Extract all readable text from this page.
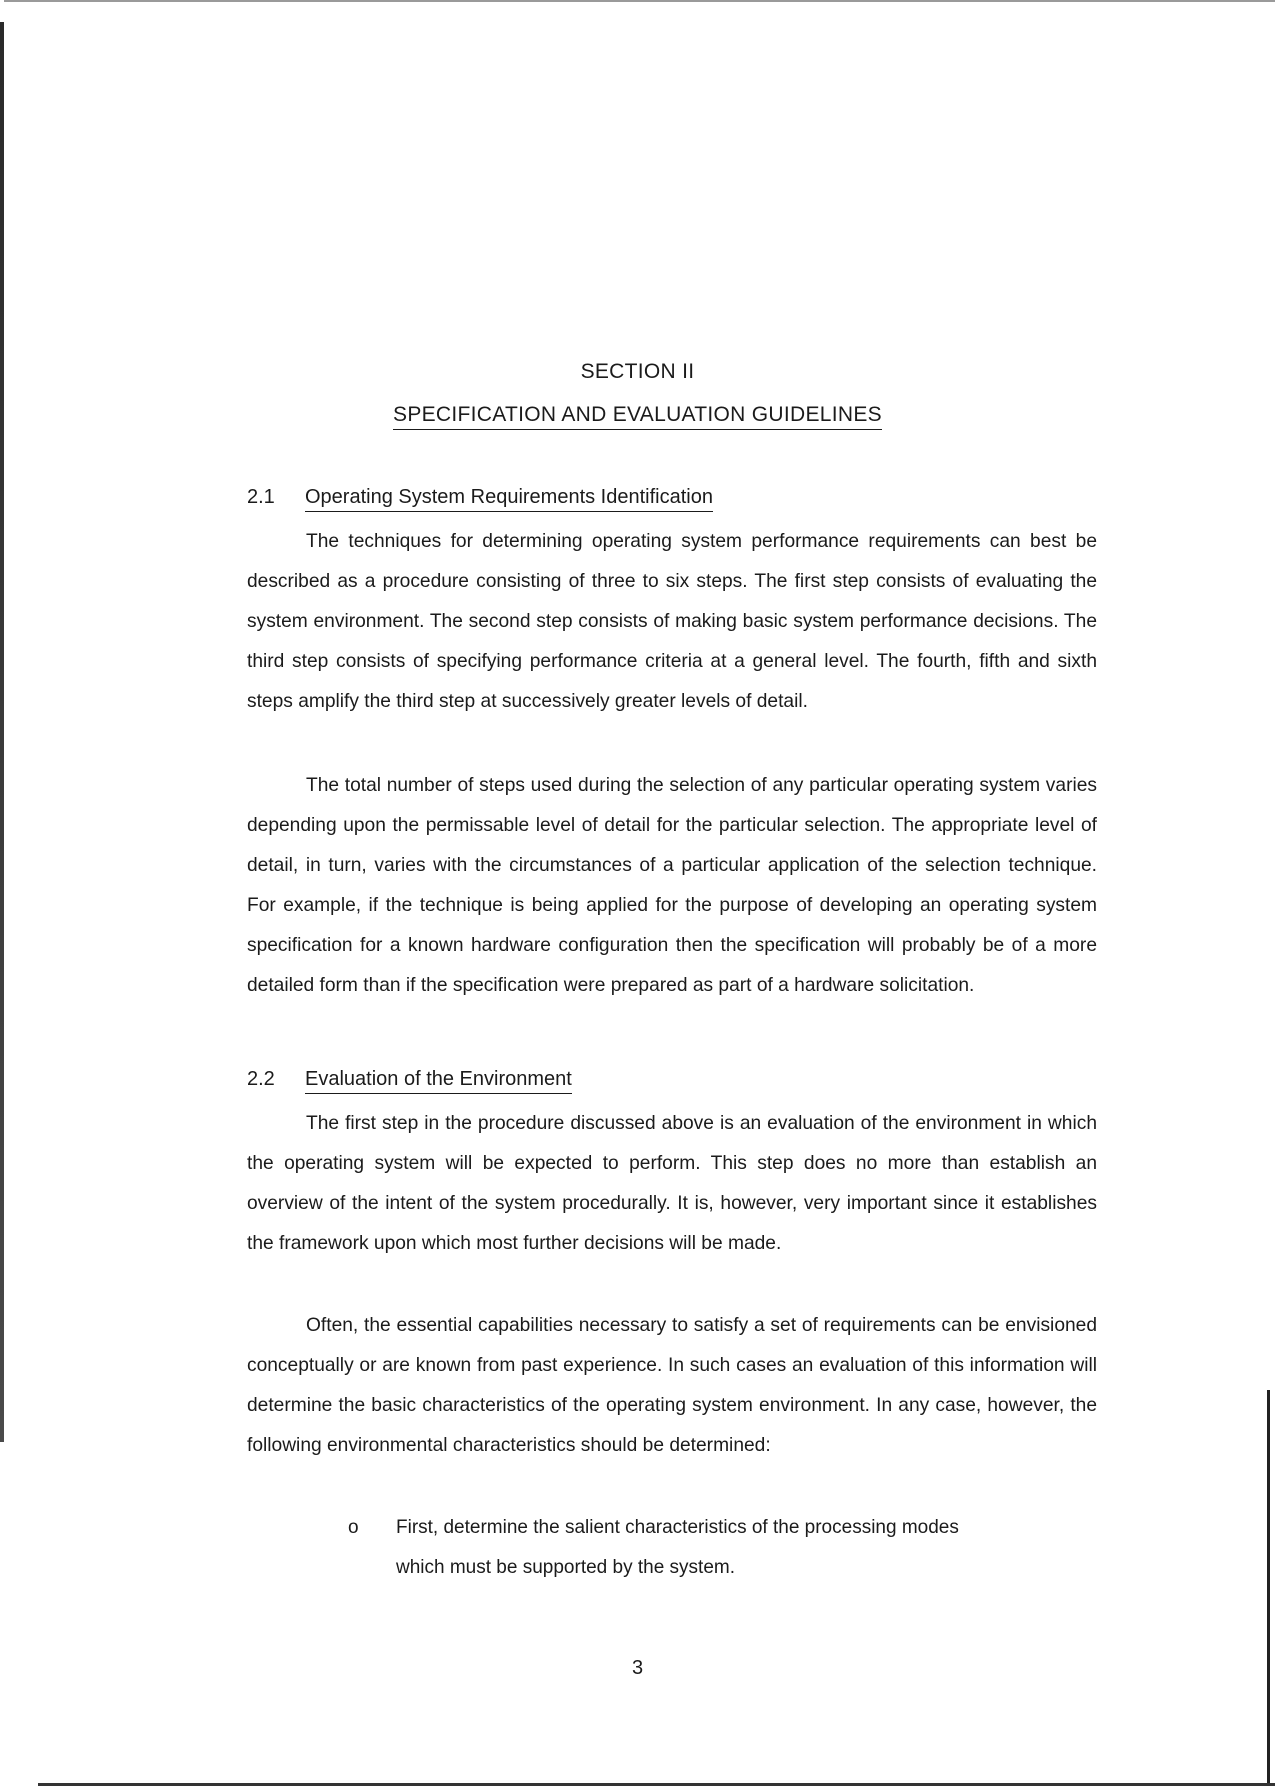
SECTION II
SPECIFICATION AND EVALUATION GUIDELINES
2.1 Operating System Requirements Identification

The techniques for determining operating system performance requirements can best be described as a procedure consisting of three to six steps. The first step consists of evaluating the system environment. The second step consists of making basic system performance decisions. The third step consists of specifying performance criteria at a general level. The fourth, fifth and sixth steps amplify the third step at successively greater levels of detail.

The total number of steps used during the selection of any particular operating system varies depending upon the permissable level of detail for the particular selection. The appropriate level of detail, in turn, varies with the circumstances of a particular application of the selection technique. For example, if the technique is being applied for the purpose of developing an operating system specification for a known hardware configuration then the specification will probably be of a more detailed form than if the specification were prepared as part of a hardware solicitation.

2.2 Evaluation of the Environment

The first step in the procedure discussed above is an evaluation of the environment in which the operating system will be expected to perform. This step does no more than establish an overview of the intent of the system procedurally. It is, however, very important since it establishes the framework upon which most further decisions will be made.

Often, the essential capabilities necessary to satisfy a set of requirements can be envisioned conceptually or are known from past experience. In such cases an evaluation of this information will determine the basic characteristics of the operating system environment. In any case, however, the following environmental characteristics should be determined:

o	First, determine the salient characteristics of the processing modes which must be supported by the system.

3
